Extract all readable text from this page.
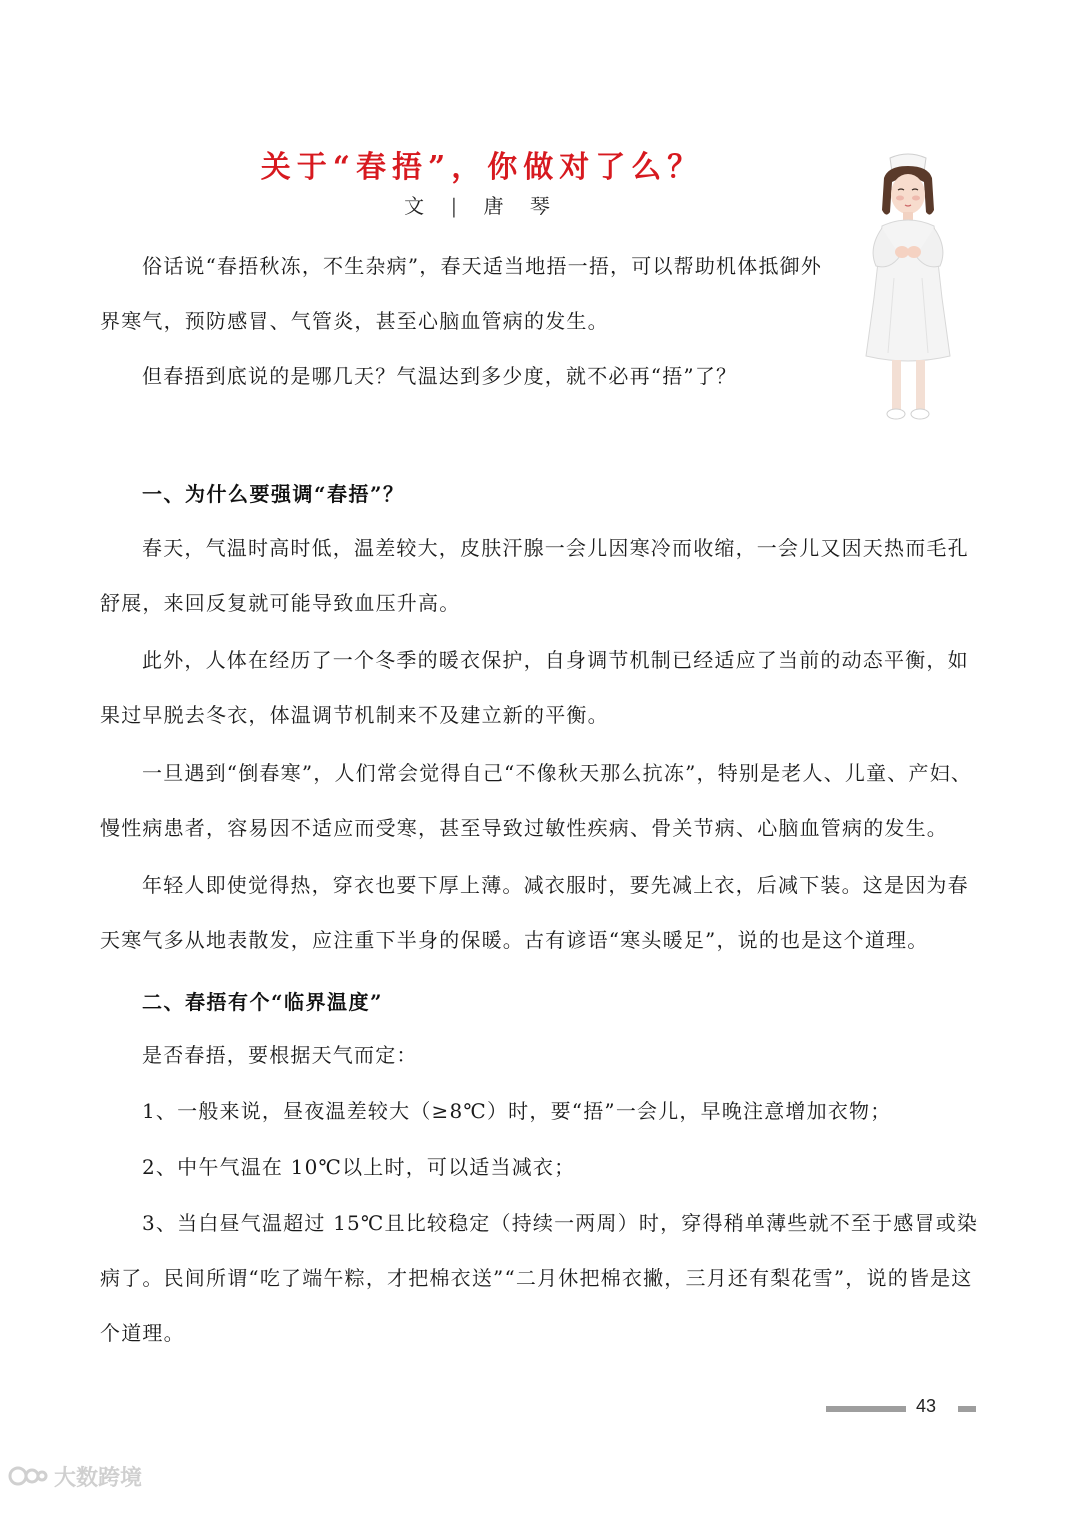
关于“春捂”，你做对了么？
文 | 唐 琴

俗话说“春捂秋冻，不生杂病”，春天适当地捂一捂，可以帮助机体抵御外界寒气，预防感冒、气管炎，甚至心脑血管病的发生。

但春捂到底说的是哪几天？气温达到多少度，就不必再“捂”了？

一、为什么要强调“春捂”？

春天，气温时高时低，温差较大，皮肤汗腺一会儿因寒冷而收缩，一会儿又因天热而毛孔舒展，来回反复就可能导致血压升高。

此外，人体在经历了一个冬季的暖衣保护，自身调节机制已经适应了当前的动态平衡，如果过早脱去冬衣，体温调节机制来不及建立新的平衡。

一旦遇到“倒春寒”，人们常会觉得自己“不像秋天那么抗冻”，特别是老人、儿童、产妇、慢性病患者，容易因不适应而受寒，甚至导致过敏性疾病、骨关节病、心脑血管病的发生。

年轻人即使觉得热，穿衣也要下厚上薄。减衣服时，要先减上衣，后减下装。这是因为春天寒气多从地表散发，应注重下半身的保暖。古有谚语“寒头暖足”，说的也是这个道理。

二、春捂有个“临界温度”

是否春捂，要根据天气而定：

1、一般来说，昼夜温差较大（≥8℃）时，要“捂”一会儿，早晚注意增加衣物；

2、中午气温在 10℃以上时，可以适当减衣；

3、当白昼气温超过 15℃且比较稳定（持续一两周）时，穿得稍单薄些就不至于感冒或染病了。民间所谓“吃了端午粽，才把棉衣送”“二月休把棉衣撇，三月还有梨花雪”，说的皆是这个道理。

43
大数跨境
